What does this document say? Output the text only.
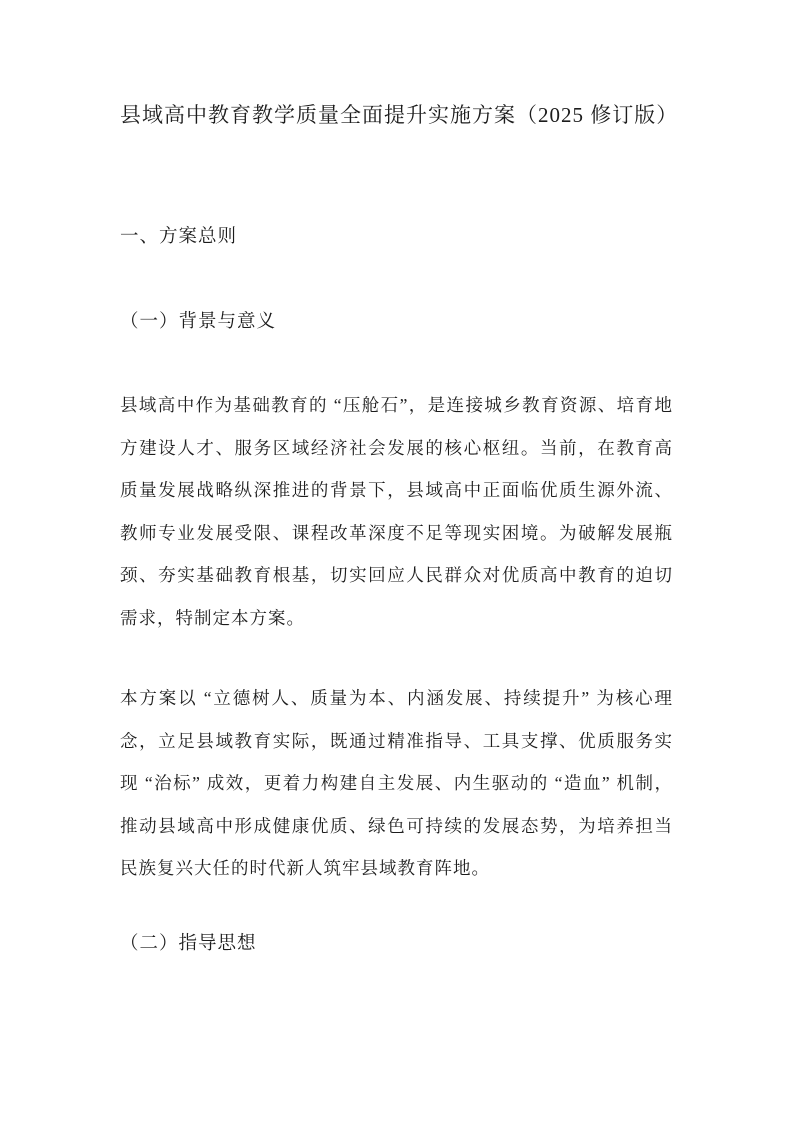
县域高中教育教学质量全面提升实施方案（2025 修订版）
一、方案总则
（一）背景与意义

县域高中作为基础教育的 “压舱石”，是连接城乡教育资源、培育地方建设人才、服务区域经济社会发展的核心枢纽。当前，在教育高质量发展战略纵深推进的背景下，县域高中正面临优质生源外流、教师专业发展受限、课程改革深度不足等现实困境。为破解发展瓶颈、夯实基础教育根基，切实回应人民群众对优质高中教育的迫切需求，特制定本方案。

本方案以 “立德树人、质量为本、内涵发展、持续提升” 为核心理念，立足县域教育实际，既通过精准指导、工具支撑、优质服务实现 “治标” 成效，更着力构建自主发展、内生驱动的 “造血” 机制，推动县域高中形成健康优质、绿色可持续的发展态势，为培养担当民族复兴大任的时代新人筑牢县域教育阵地。

（二）指导思想
